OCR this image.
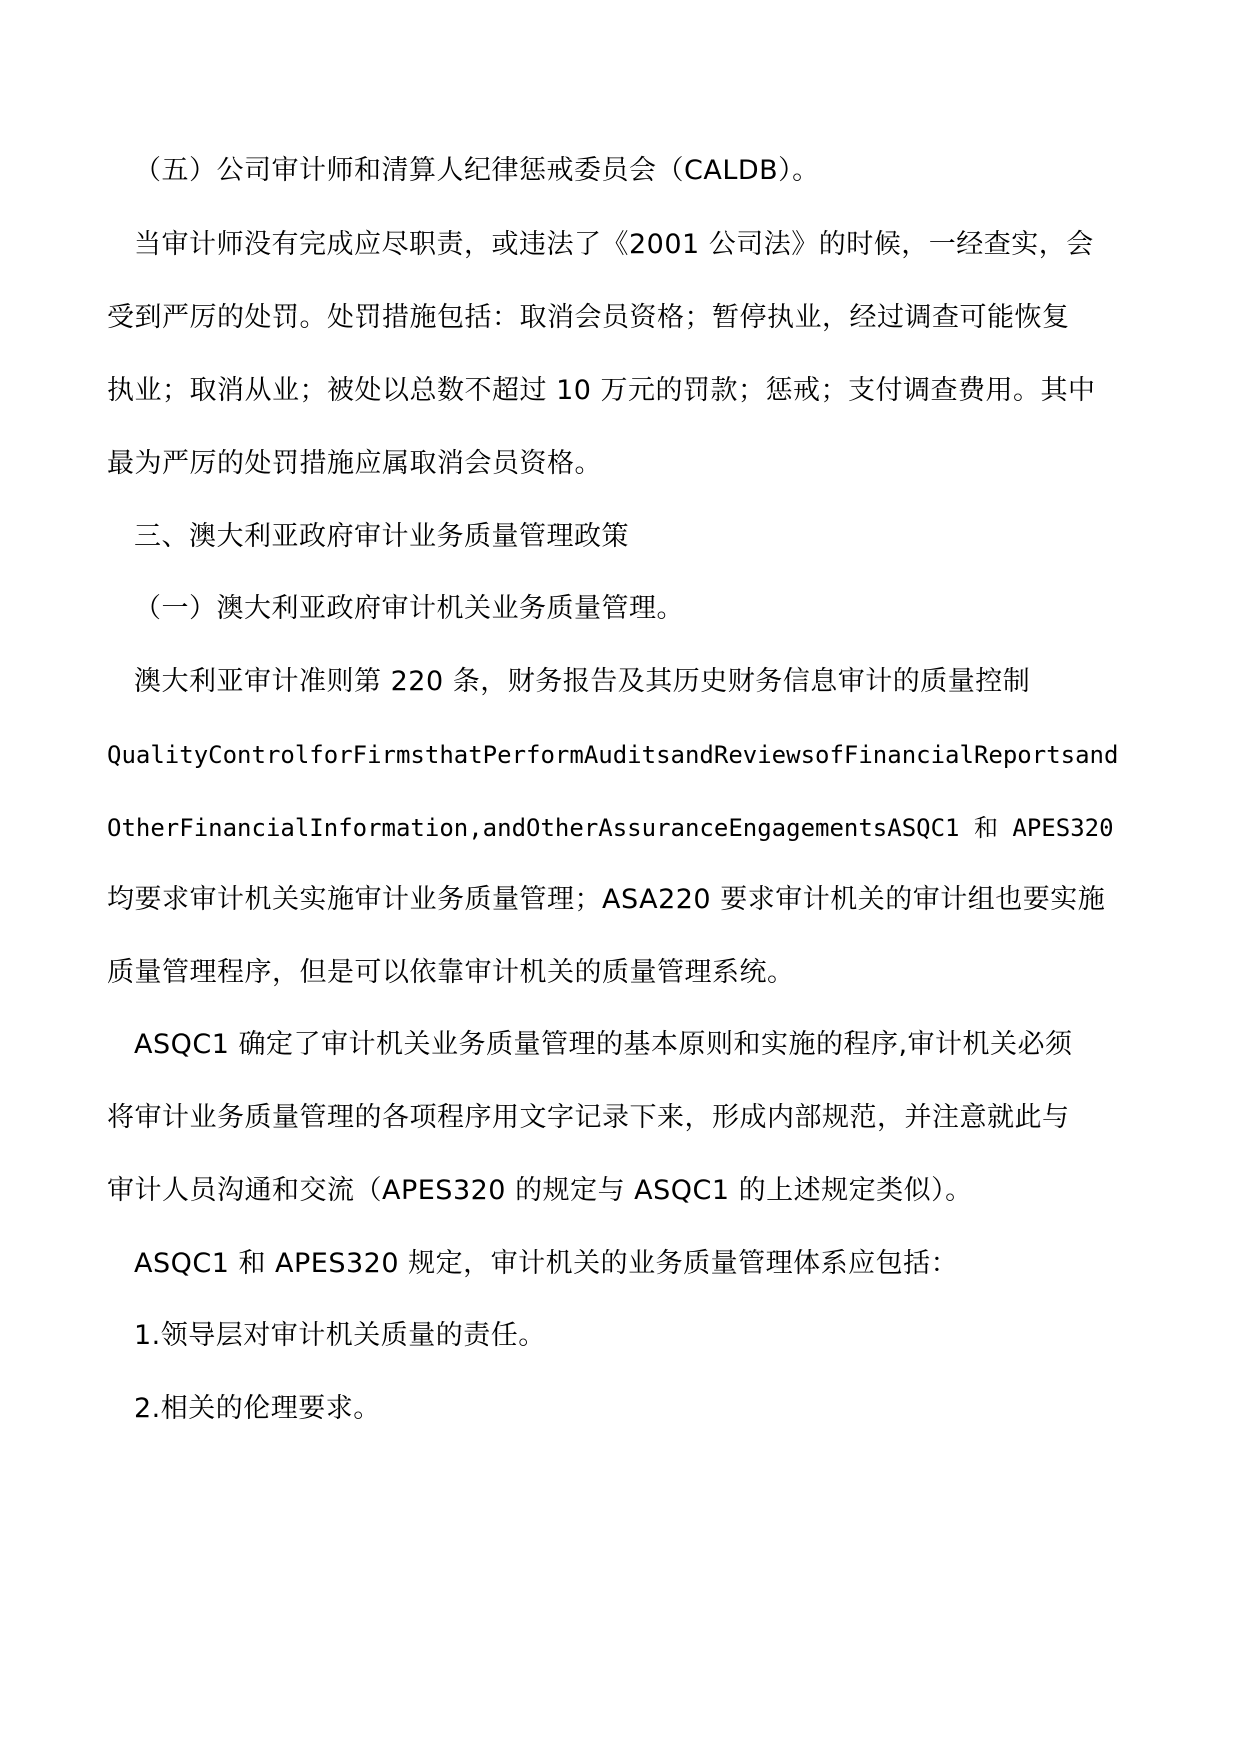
（五）公司审计师和清算人纪律惩戒委员会（CALDB）。
当审计师没有完成应尽职责，或违法了《2001 公司法》的时候，一经查实，会
受到严厉的处罚。处罚措施包括：取消会员资格；暂停执业，经过调查可能恢复
执业；取消从业；被处以总数不超过 10 万元的罚款；惩戒；支付调查费用。其中
最为严厉的处罚措施应属取消会员资格。
三、澳大利亚政府审计业务质量管理政策
（一）澳大利亚政府审计机关业务质量管理。
澳大利亚审计准则第 220 条，财务报告及其历史财务信息审计的质量控制
QualityControlforFirmsthatPerformAuditsandReviewsofFinancialReportsand
OtherFinancialInformation,andOtherAssuranceEngagementsASQC1 和 APES320
均要求审计机关实施审计业务质量管理；ASA220 要求审计机关的审计组也要实施
质量管理程序，但是可以依靠审计机关的质量管理系统。
ASQC1 确定了审计机关业务质量管理的基本原则和实施的程序,审计机关必须
将审计业务质量管理的各项程序用文字记录下来，形成内部规范，并注意就此与
审计人员沟通和交流（APES320 的规定与 ASQC1 的上述规定类似）。
ASQC1 和 APES320 规定，审计机关的业务质量管理体系应包括：
1.领导层对审计机关质量的责任。
2.相关的伦理要求。
